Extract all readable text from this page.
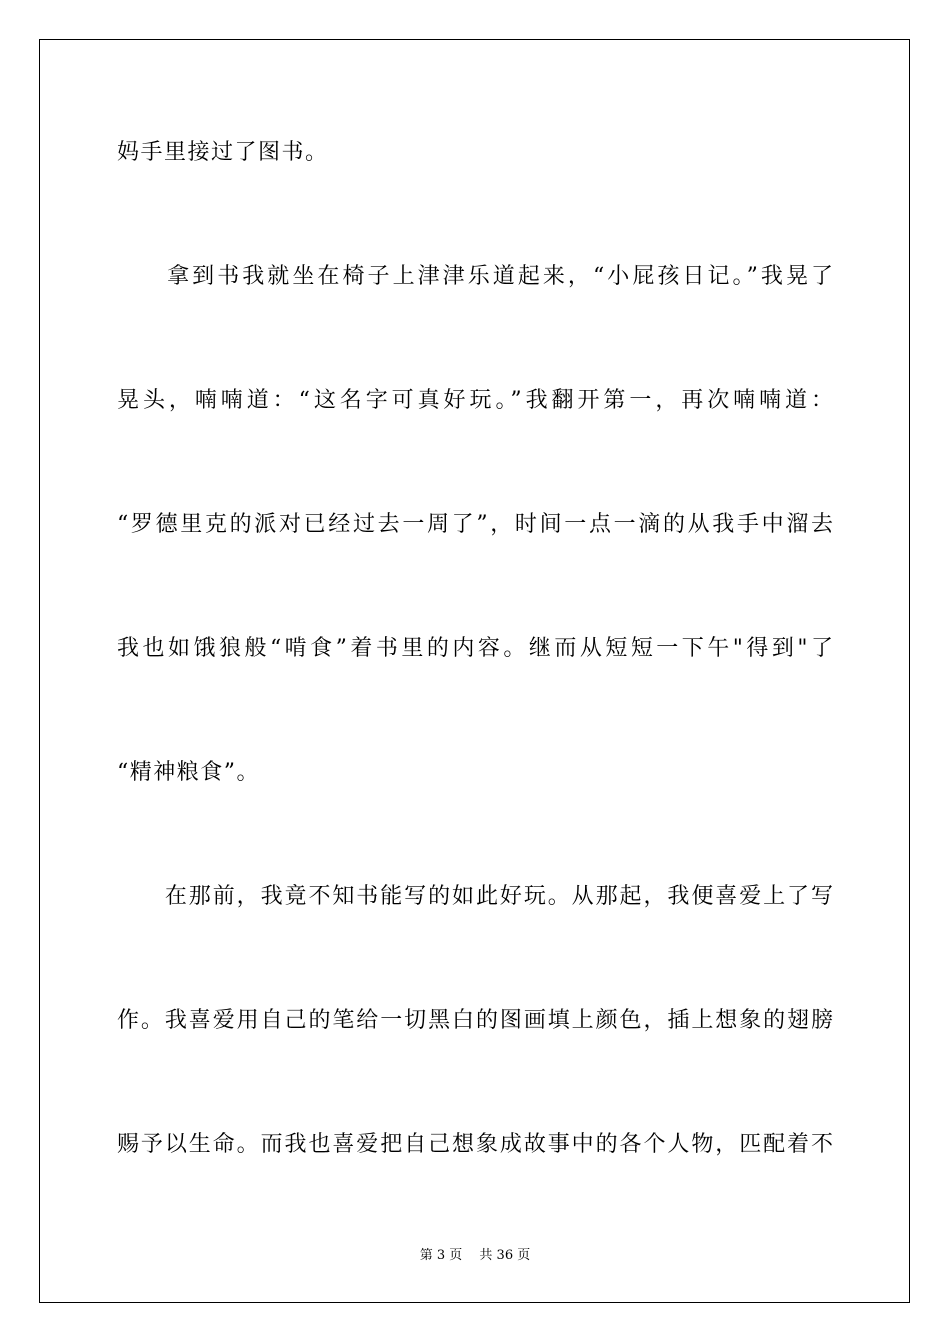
妈手里接过了图书。
　　拿到书我就坐在椅子上津津乐道起来，“小屁孩日记。”我晃了
晃头，喃喃道：“这名字可真好玩。”我翻开第一，再次喃喃道：
“罗德里克的派对已经过去一周了”，时间一点一滴的从我手中溜去
我也如饿狼般“啃食”着书里的内容。继而从短短一下午"得到"了
“精神粮食”。
　　在那前，我竟不知书能写的如此好玩。从那起，我便喜爱上了写
作。我喜爱用自己的笔给一切黑白的图画填上颜色，插上想象的翅膀
赐予以生命。而我也喜爱把自己想象成故事中的各个人物，匹配着不
第 3 页　 共 36 页
